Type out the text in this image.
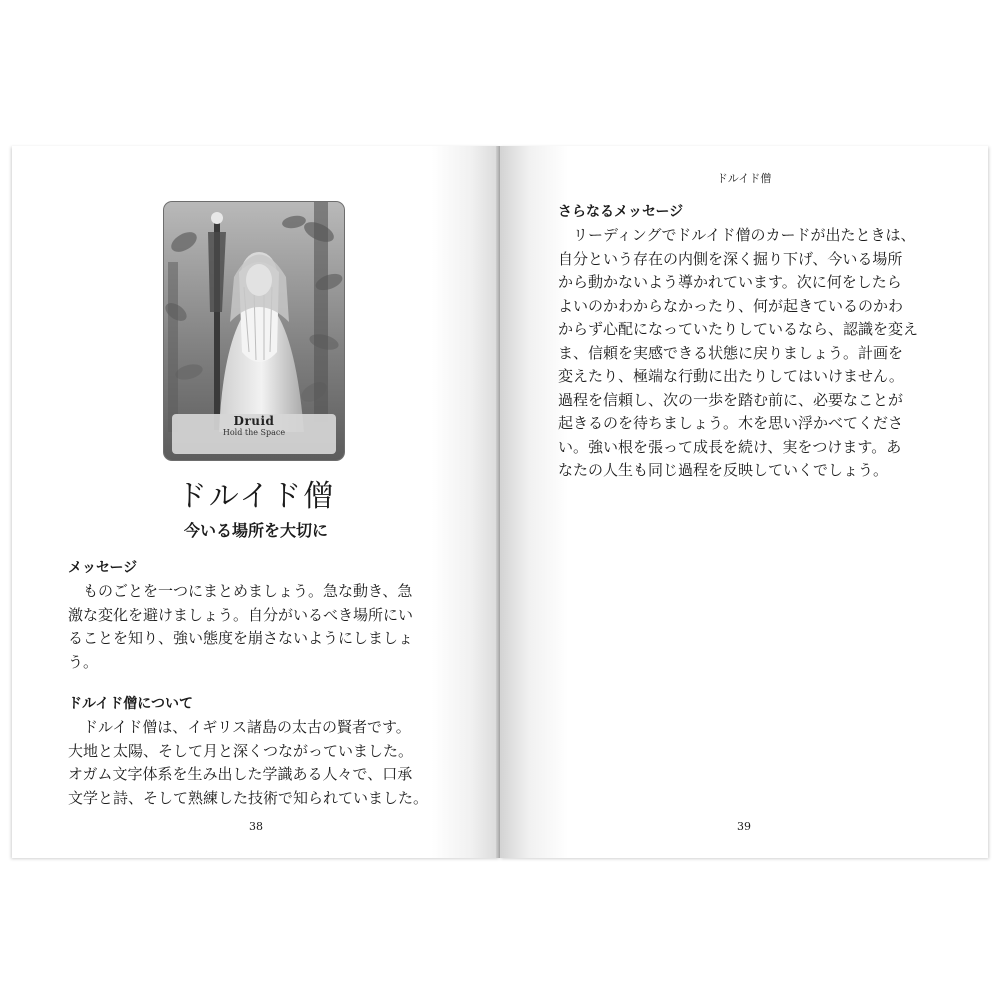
Druid
Hold the Space
ドルイド僧
今いる場所を大切に
メッセージ
　ものごとを一つにまとめましょう。急な動き、急
激な変化を避けましょう。自分がいるべき場所にい
ることを知り、強い態度を崩さないようにしましょ
う。
ドルイド僧について
　ドルイド僧は、イギリス諸島の太古の賢者です。
大地と太陽、そして月と深くつながっていました。
オガム文字体系を生み出した学識ある人々で、口承
文学と詩、そして熟練した技術で知られていました。
38
ドルイド僧
さらなるメッセージ
　リーディングでドルイド僧のカードが出たときは、
自分という存在の内側を深く掘り下げ、今いる場所
から動かないよう導かれています。次に何をしたら
よいのかわからなかったり、何が起きているのかわ
からず心配になっていたりしているなら、認識を変え
ま、信頼を実感できる状態に戻りましょう。計画を
変えたり、極端な行動に出たりしてはいけません。
過程を信頼し、次の一歩を踏む前に、必要なことが
起きるのを待ちましょう。木を思い浮かべてくださ
い。強い根を張って成長を続け、実をつけます。あ
なたの人生も同じ過程を反映していくでしょう。
39
